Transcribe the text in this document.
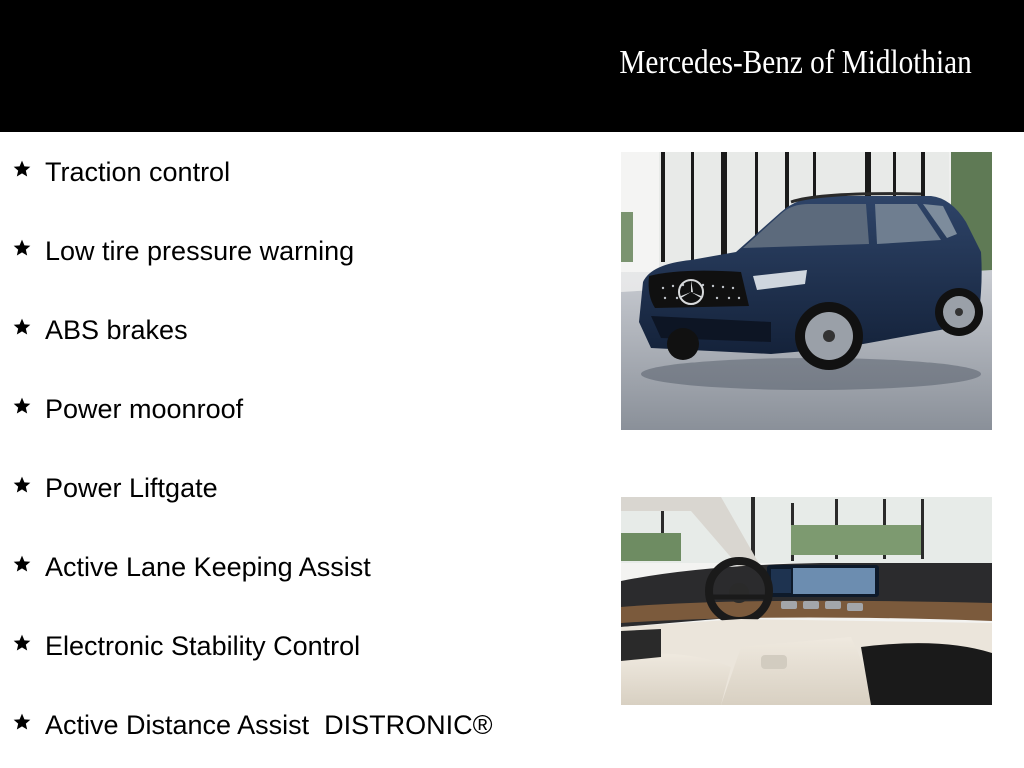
Mercedes-Benz of Midlothian
Traction control
Low tire pressure warning
ABS brakes
Power moonroof
Power Liftgate
Active Lane Keeping Assist
Electronic Stability Control
Active Distance Assist  DISTRONIC®
